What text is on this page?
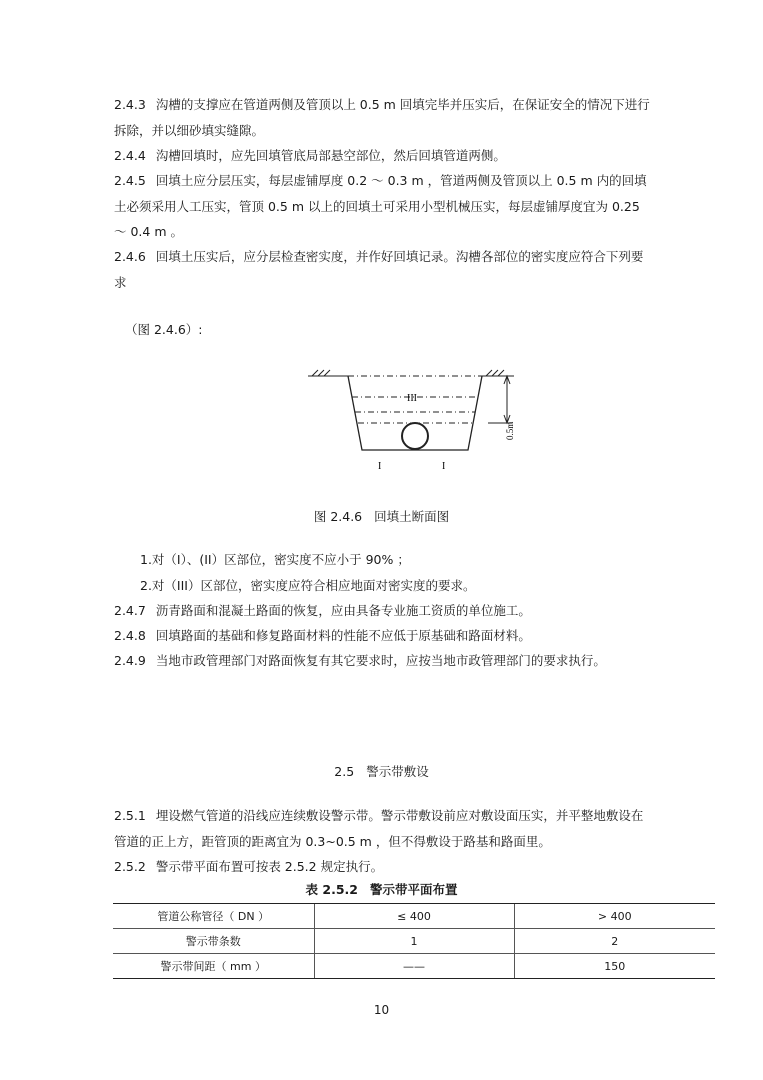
2.4.3 沟槽的支撑应在管道两侧及管顶以上 0.5 m 回填完毕并压实后，在保证安全的情况下进行拆除，并以细砂填实缝隙。
2.4.4 沟槽回填时，应先回填管底局部悬空部位，然后回填管道两侧。
2.4.5 回填土应分层压实，每层虚铺厚度 0.2 ～ 0.3 m ，管道两侧及管顶以上 0.5 m 内的回填土必须采用人工压实，管顶 0.5 m 以上的回填土可采用小型机械压实，每层虚铺厚度宜为 0.25 ～ 0.4 m 。
2.4.6 回填土压实后，应分层检查密实度，并作好回填记录。沟槽各部位的密实度应符合下列要求
（图 2.4.6）:
III
I	I
0.5m
图 2.4.6 回填土断面图
1.对（I）、(II）区部位，密实度不应小于 90% ；
2.对（III）区部位，密实度应符合相应地面对密实度的要求。
2.4.7 沥青路面和混凝土路面的恢复，应由具备专业施工资质的单位施工。
2.4.8 回填路面的基础和修复路面材料的性能不应低于原基础和路面材料。
2.4.9 当地市政管理部门对路面恢复有其它要求时，应按当地市政管理部门的要求执行。
2.5 警示带敷设
2.5.1 埋设燃气管道的沿线应连续敷设警示带。警示带敷设前应对敷设面压实，并平整地敷设在管道的正上方，距管顶的距离宜为 0.3~0.5 m ，但不得敷设于路基和路面里。
2.5.2 警示带平面布置可按表 2.5.2 规定执行。
表 2.5.2 警示带平面布置
管道公称管径（ DN ）	≤ 400	> 400
警示带条数	1	2
警示带间距（ mm ）	——	150
10
